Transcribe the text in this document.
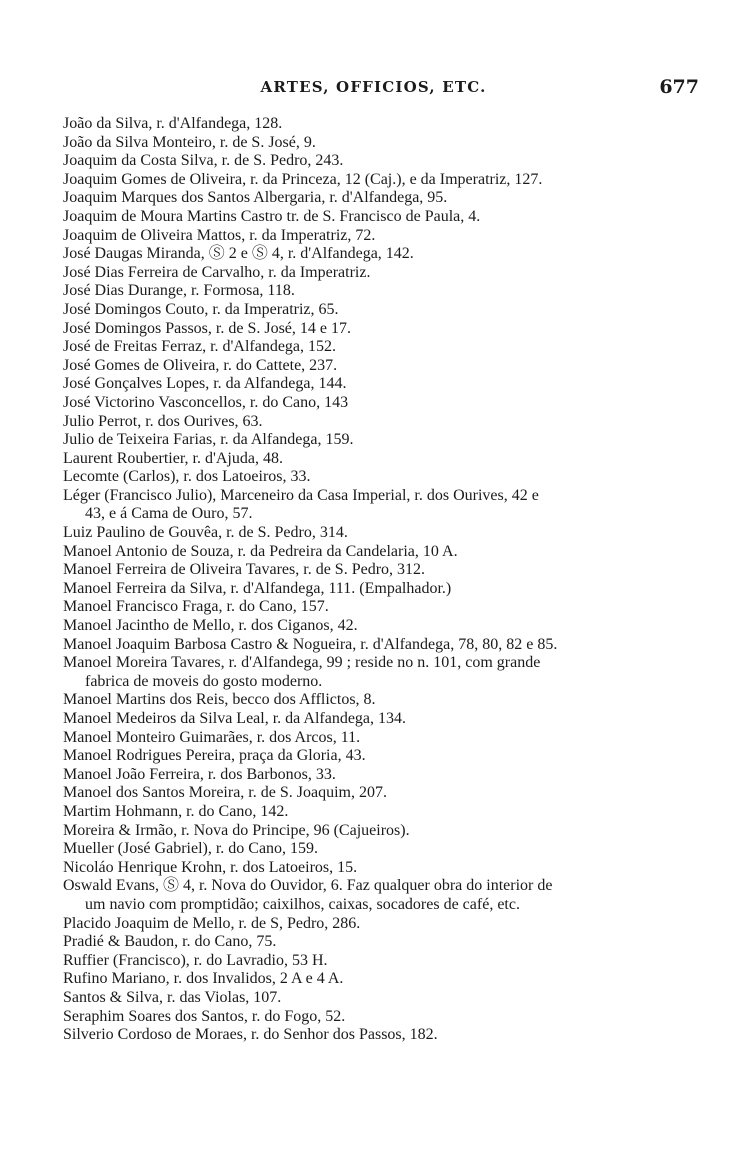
ARTES, OFFICIOS, ETC.	677

João da Silva, r. d'Alfandega, 128.

João da Silva Monteiro, r. de S. José, 9.

Joaquim da Costa Silva, r. de S. Pedro, 243.

Joaquim Gomes de Oliveira, r. da Princeza, 12 (Caj.), e da Imperatriz, 127.

Joaquim Marques dos Santos Albergaria, r. d'Alfandega, 95.

Joaquim de Moura Martins Castro tr. de S. Francisco de Paula, 4.

Joaquim de Oliveira Mattos, r. da Imperatriz, 72.

José Daugas Miranda, Ⓢ 2 e Ⓢ 4, r. d'Alfandega, 142.

José Dias Ferreira de Carvalho, r. da Imperatriz.

José Dias Durange, r. Formosa, 118.

José Domingos Couto, r. da Imperatriz, 65.

José Domingos Passos, r. de S. José, 14 e 17.

José de Freitas Ferraz, r. d'Alfandega, 152.

José Gomes de Oliveira, r. do Cattete, 237.

José Gonçalves Lopes, r. da Alfandega, 144.

José Victorino Vasconcellos, r. do Cano, 143

Julio Perrot, r. dos Ourives, 63.

Julio de Teixeira Farias, r. da Alfandega, 159.

Laurent Roubertier, r. d'Ajuda, 48.

Lecomte (Carlos), r. dos Latoeiros, 33.

Léger (Francisco Julio), Marceneiro da Casa Imperial, r. dos Ourives, 42 e
43, e á Cama de Ouro, 57.

Luiz Paulino de Gouvêa, r. de S. Pedro, 314.

Manoel Antonio de Souza, r. da Pedreira da Candelaria, 10 A.

Manoel Ferreira de Oliveira Tavares, r. de S. Pedro, 312.

Manoel Ferreira da Silva, r. d'Alfandega, 111. (Empalhador.)

Manoel Francisco Fraga, r. do Cano, 157.

Manoel Jacintho de Mello, r. dos Ciganos, 42.

Manoel Joaquim Barbosa Castro & Nogueira, r. d'Alfandega, 78, 80, 82 e 85.

Manoel Moreira Tavares, r. d'Alfandega, 99 ; reside no n. 101, com grande
fabrica de moveis do gosto moderno.

Manoel Martins dos Reis, becco dos Afflictos, 8.

Manoel Medeiros da Silva Leal, r. da Alfandega, 134.

Manoel Monteiro Guimarães, r. dos Arcos, 11.

Manoel Rodrigues Pereira, praça da Gloria, 43.

Manoel João Ferreira, r. dos Barbonos, 33.

Manoel dos Santos Moreira, r. de S. Joaquim, 207.

Martim Hohmann, r. do Cano, 142.

Moreira & Irmão, r. Nova do Principe, 96 (Cajueiros).

Mueller (José Gabriel), r. do Cano, 159.

Nicoláo Henrique Krohn, r. dos Latoeiros, 15.

Oswald Evans, Ⓢ 4, r. Nova do Ouvidor, 6. Faz qualquer obra do interior de
um navio com promptidão; caixilhos, caixas, socadores de café, etc.

Placido Joaquim de Mello, r. de S, Pedro, 286.

Pradié & Baudon, r. do Cano, 75.

Ruffier (Francisco), r. do Lavradio, 53 H.

Rufino Mariano, r. dos Invalidos, 2 A e 4 A.

Santos & Silva, r. das Violas, 107.

Seraphim Soares dos Santos, r. do Fogo, 52.

Silverio Cordoso de Moraes, r. do Senhor dos Passos, 182.
